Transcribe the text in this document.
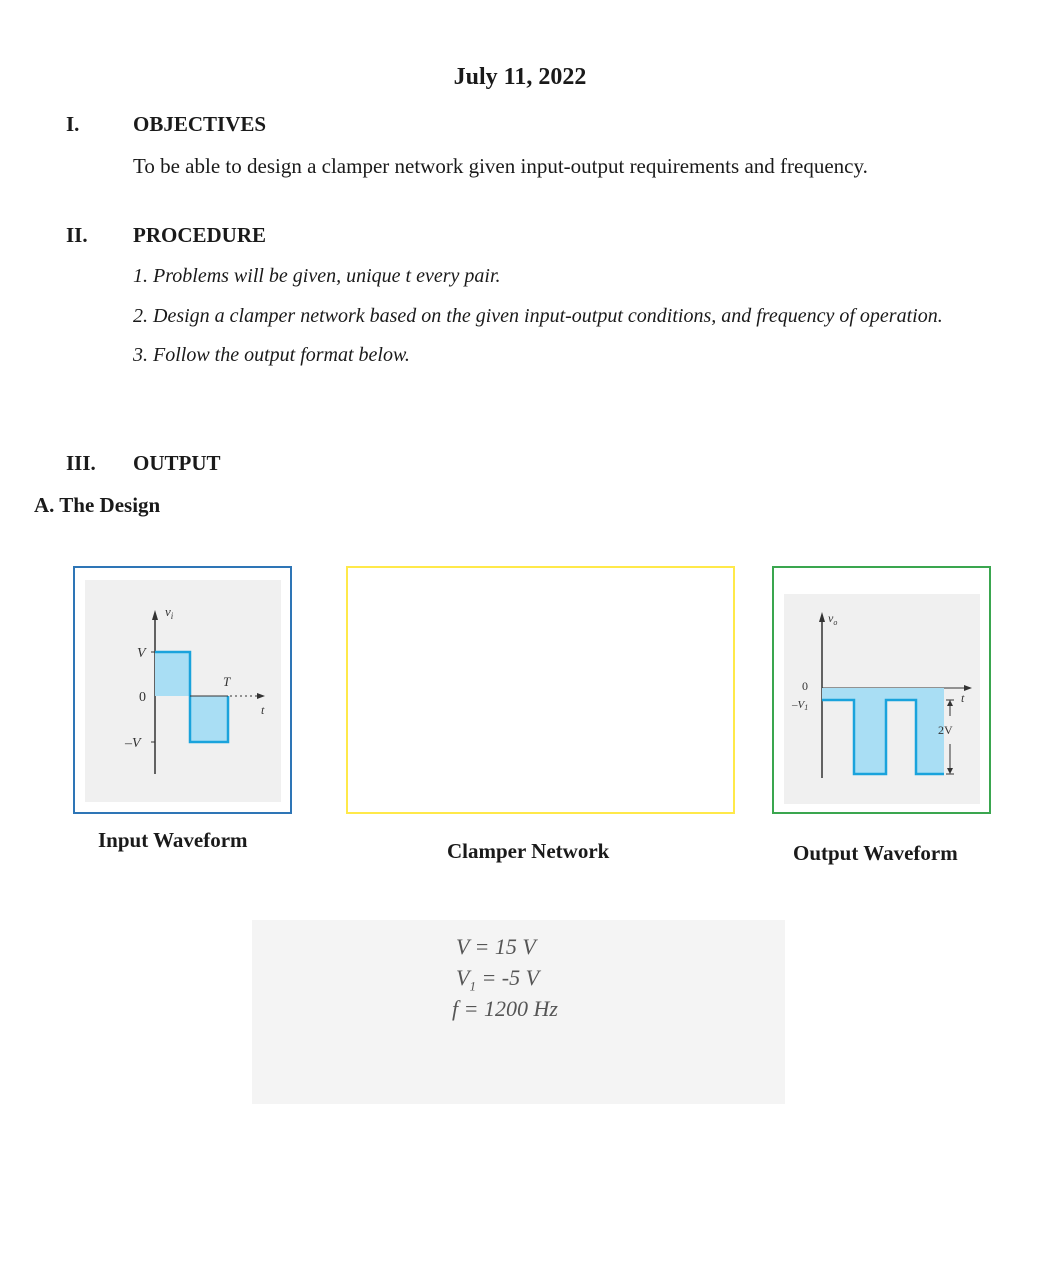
July 11, 2022
I.	OBJECTIVES
To be able to design a clamper network given input-output requirements and frequency.
II. PROCEDURE
1. Problems will be given, unique t every pair.
2. Design a clamper network based on the given input-output conditions, and frequency of operation.
3. Follow the output format below.
III. OUTPUT
A. The Design
$v_i$
V
0
–V
T
t
$v_o$
0
–V1
t
2V
Input Waveform	Clamper Network	Output Waveform
V = 15 V
$V_1 = -5$ V
f = 1200 Hz
